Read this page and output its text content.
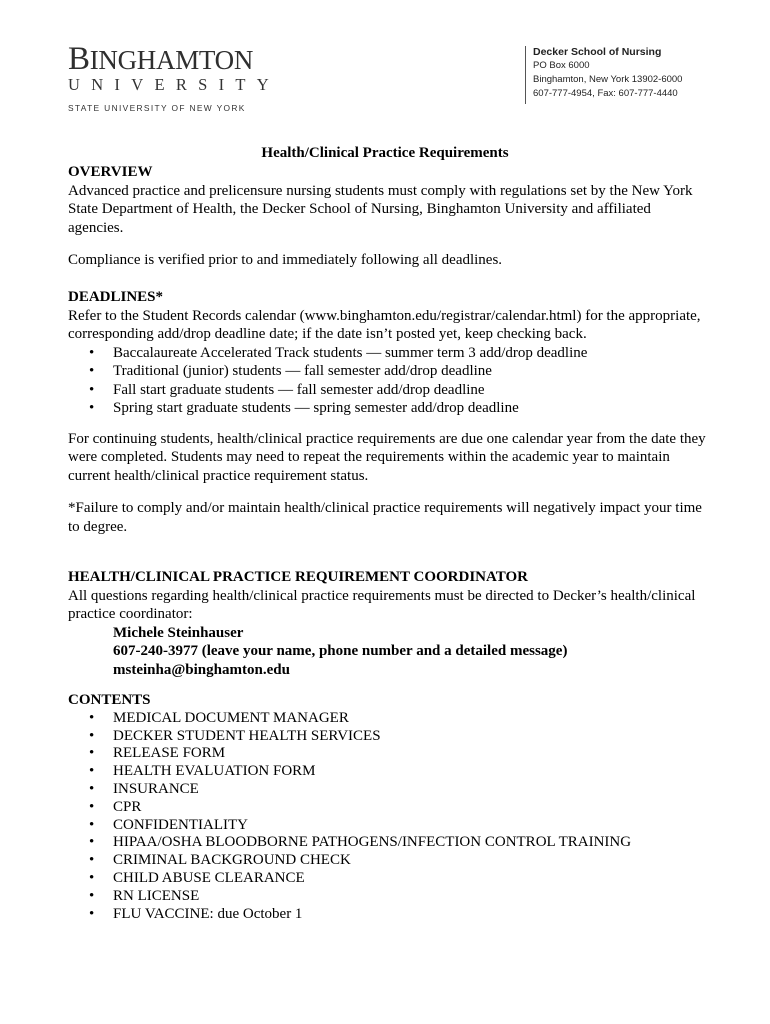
BINGHAMTON
UNIVERSITY
STATE UNIVERSITY OF NEW YORK
Decker School of Nursing
PO Box 6000
Binghamton, New York 13902-6000
607-777-4954, Fax: 607-777-4440
Health/Clinical Practice Requirements

OVERVIEW

Advanced practice and prelicensure nursing students must comply with regulations set by the New York State Department of Health, the Decker School of Nursing, Binghamton University and affiliated agencies.

Compliance is verified prior to and immediately following all deadlines.

DEADLINES*

Refer to the Student Records calendar (www.binghamton.edu/registrar/calendar.html) for the appropriate, corresponding add/drop deadline date; if the date isn’t posted yet, keep checking back.

• Baccalaureate Accelerated Track students — summer term 3 add/drop deadline
• Traditional (junior) students — fall semester add/drop deadline
• Fall start graduate students — fall semester add/drop deadline
• Spring start graduate students — spring semester add/drop deadline

For continuing students, health/clinical practice requirements are due one calendar year from the date they were completed. Students may need to repeat the requirements within the academic year to maintain current health/clinical practice requirement status.

*Failure to comply and/or maintain health/clinical practice requirements will negatively impact your time to degree.

HEALTH/CLINICAL PRACTICE REQUIREMENT COORDINATOR

All questions regarding health/clinical practice requirements must be directed to Decker’s health/clinical practice coordinator:

Michele Steinhauser

607-240-3977 (leave your name, phone number and a detailed message)

msteinha@binghamton.edu

CONTENTS

• MEDICAL DOCUMENT MANAGER
• DECKER STUDENT HEALTH SERVICES
• RELEASE FORM
• HEALTH EVALUATION FORM
• INSURANCE
• CPR
• CONFIDENTIALITY
• HIPAA/OSHA BLOODBORNE PATHOGENS/INFECTION CONTROL TRAINING
• CRIMINAL BACKGROUND CHECK
• CHILD ABUSE CLEARANCE
• RN LICENSE
• FLU VACCINE: due October 1
